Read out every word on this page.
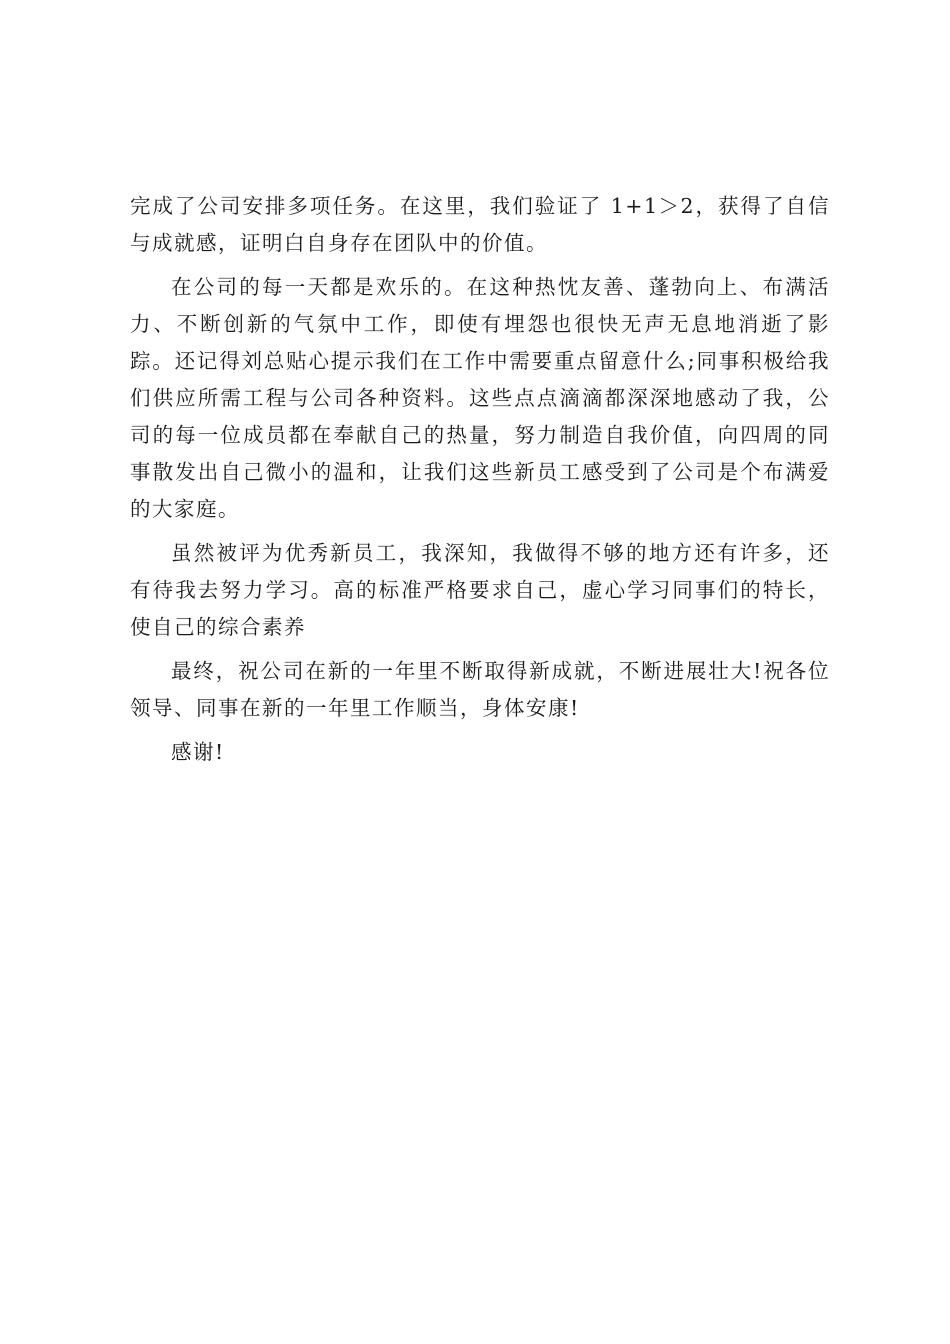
完成了公司安排多项任务。在这里，我们验证了 1+1＞2，获得了自信与成就感，证明白自身存在团队中的价值。

在公司的每一天都是欢乐的。在这种热忱友善、蓬勃向上、布满活力、不断创新的气氛中工作，即使有埋怨也很快无声无息地消逝了影踪。还记得刘总贴心提示我们在工作中需要重点留意什么;同事积极给我们供应所需工程与公司各种资料。这些点点滴滴都深深地感动了我，公司的每一位成员都在奉献自己的热量，努力制造自我价值，向四周的同事散发出自己微小的温和，让我们这些新员工感受到了公司是个布满爱的大家庭。

虽然被评为优秀新员工，我深知，我做得不够的地方还有许多，还有待我去努力学习。高的标准严格要求自己，虚心学习同事们的特长，使自己的综合素养

最终，祝公司在新的一年里不断取得新成就，不断进展壮大!祝各位领导、同事在新的一年里工作顺当，身体安康!

感谢!
